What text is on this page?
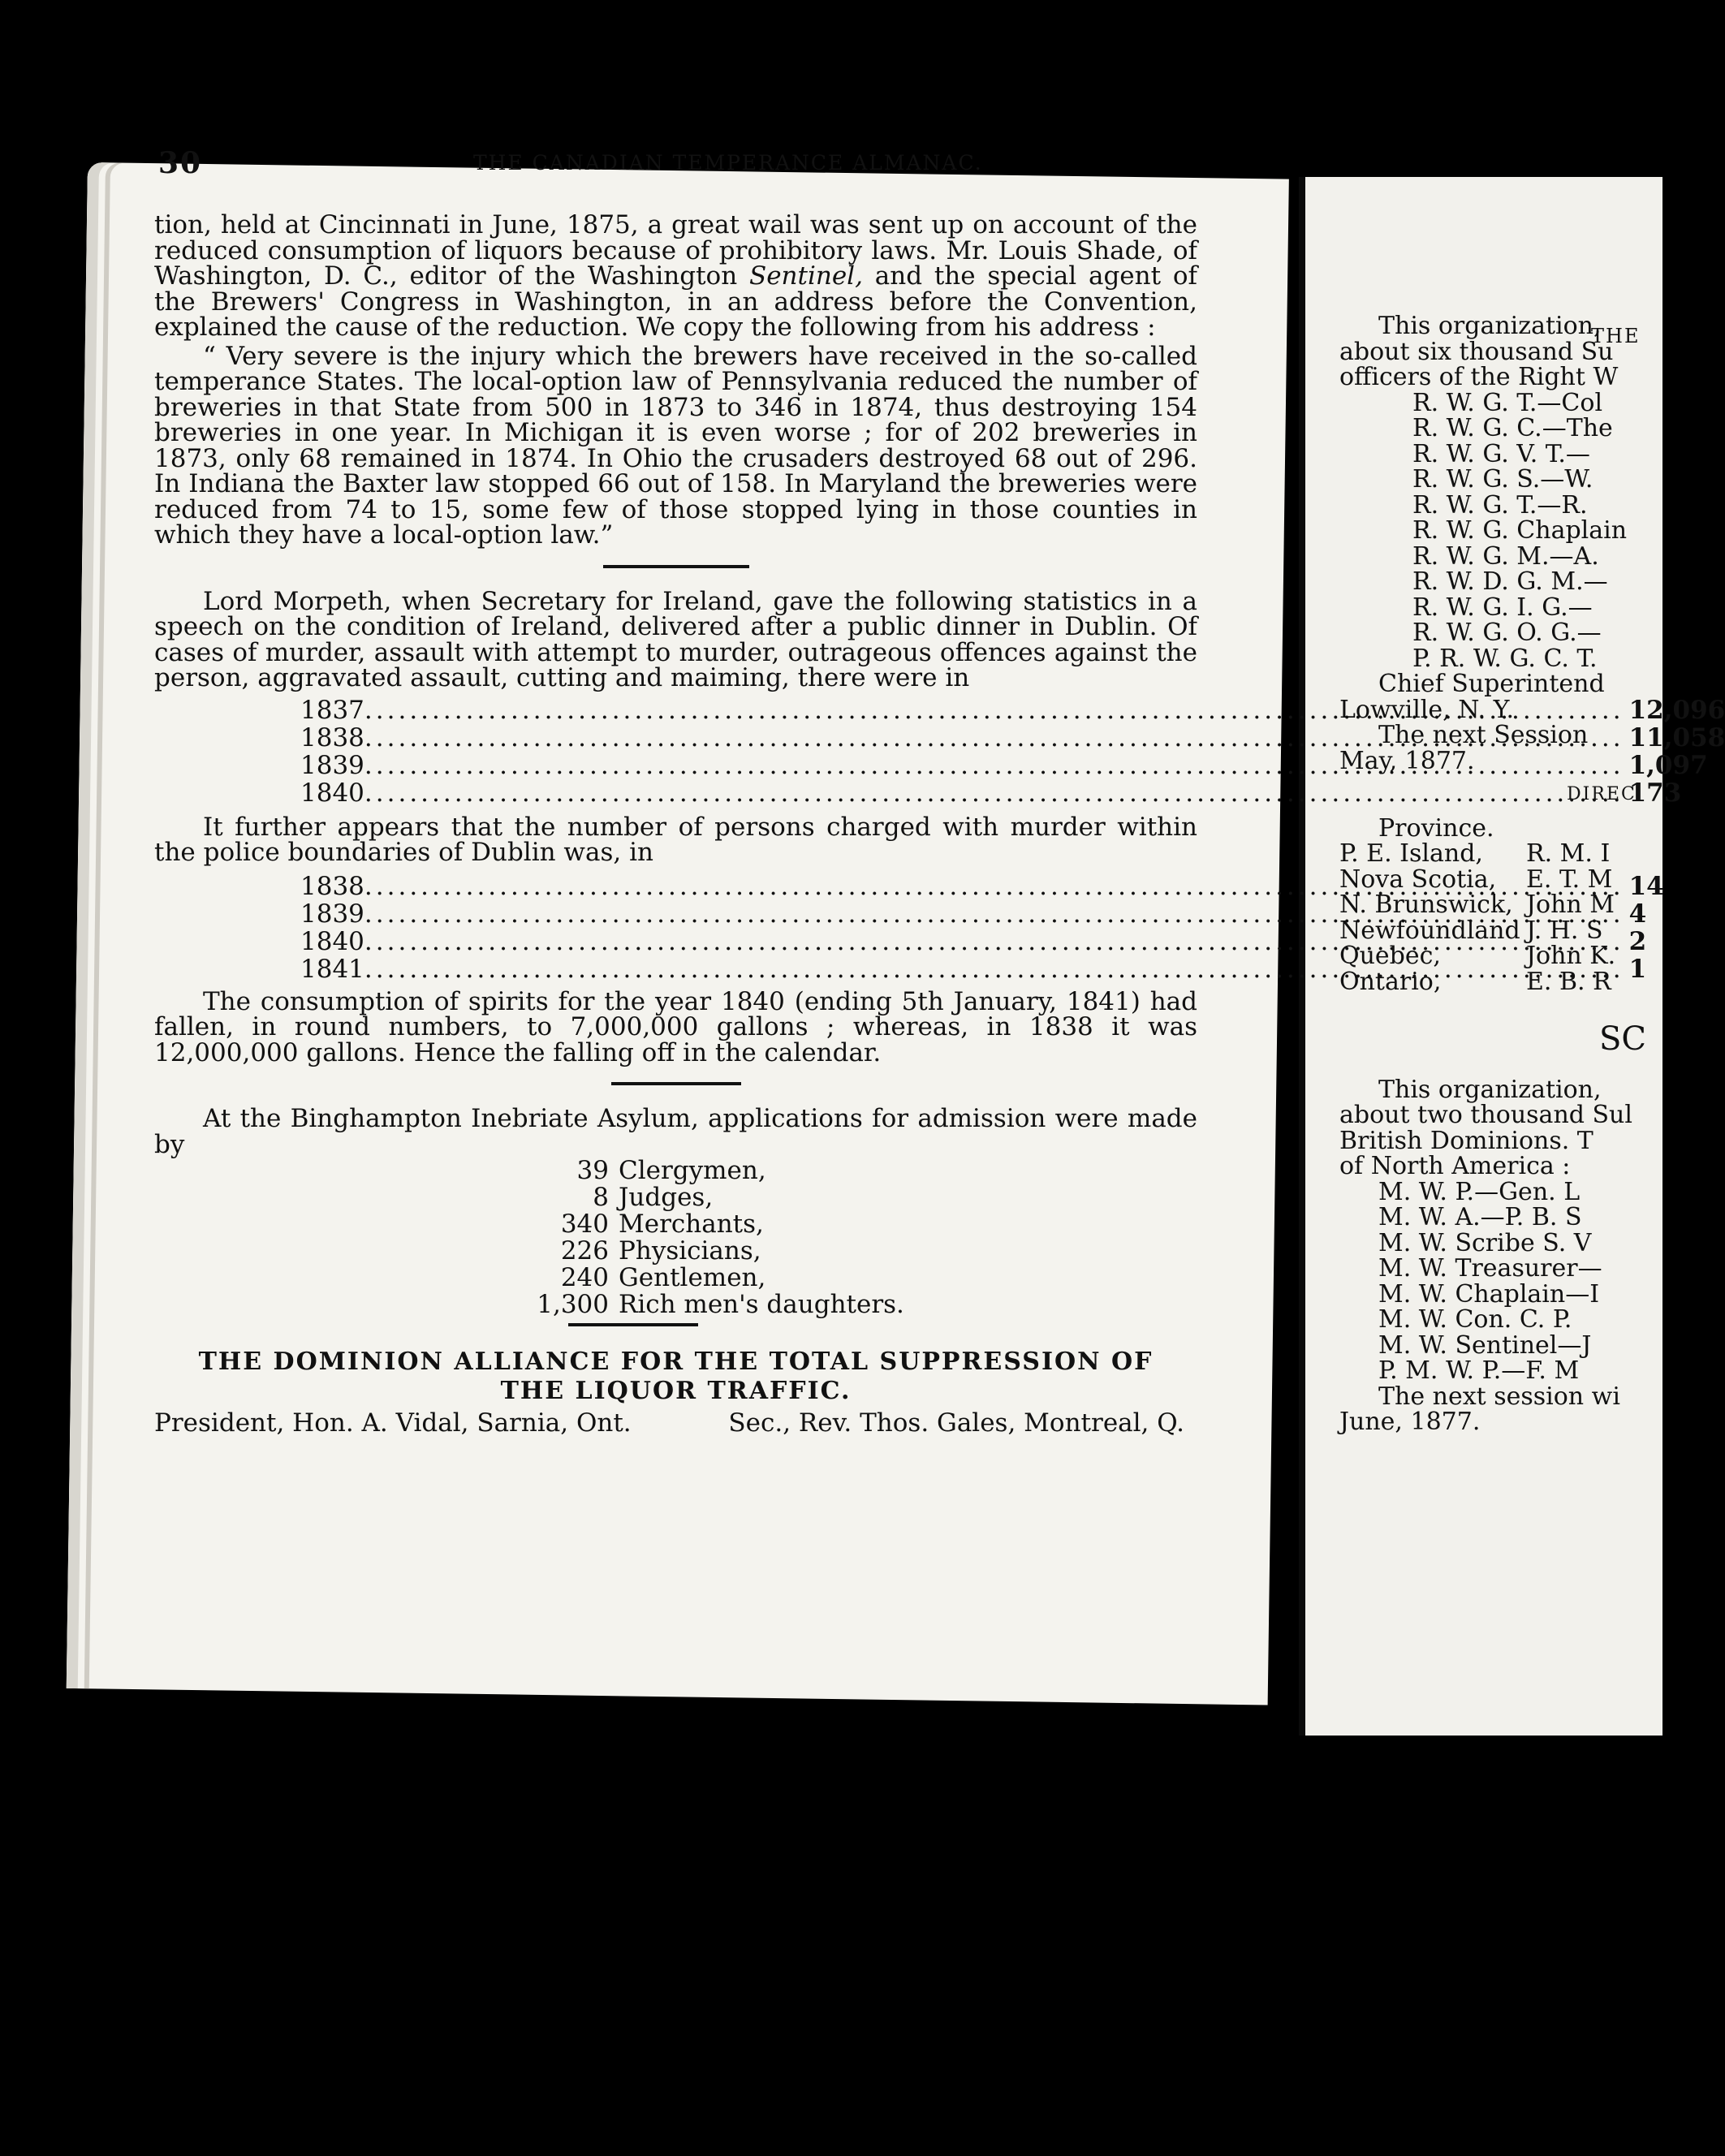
30	THE CANADIAN TEMPERANCE ALMANAC.

tion, held at Cincinnati in June, 1875, a great wail was sent up on account of the reduced consumption of liquors because of prohibitory laws. Mr. Louis Shade, of Washington, D. C., editor of the Washington Sentinel, and the special agent of the Brewers' Congress in Washington, in an address before the Convention, explained the cause of the reduction. We copy the following from his address :

“ Very severe is the injury which the brewers have received in the so-called temperance States. The local-option law of Pennsylvania reduced the number of breweries in that State from 500 in 1873 to 346 in 1874, thus destroying 154 breweries in one year. In Michigan it is even worse ; for of 202 breweries in 1873, only 68 remained in 1874. In Ohio the crusaders destroyed 68 out of 296. In Indiana the Baxter law stopped 66 out of 158. In Maryland the breweries were reduced from 74 to 15, some few of those stopped lying in those counties in which they have a local-option law.”

Lord Morpeth, when Secretary for Ireland, gave the following statistics in a speech on the condition of Ireland, delivered after a public dinner in Dublin. Of cases of murder, assault with attempt to murder, outrageous offences against the person, aggravated assault, cutting and maiming, there were in

1837 .....	12,096
1838 .....	11,058
1839 .....	1,097
1840 .....	173

It further appears that the number of persons charged with murder within the police boundaries of Dublin was, in

1838 .....	14
1839 .....	4
1840 .....	2
1841 .....	1

The consumption of spirits for the year 1840 (ending 5th January, 1841) had fallen, in round numbers, to 7,000,000 gallons ; whereas, in 1838 it was 12,000,000 gallons. Hence the falling off in the calendar.

At the Binghampton Inebriate Asylum, applications for admission were made by

39 Clergymen,
8 Judges,
340 Merchants,
226 Physicians,
240 Gentlemen,
1,300 Rich men's daughters.
THE DOMINION ALLIANCE FOR THE TOTAL SUPPRESSION OF
THE LIQUOR TRAFFIC.
President, Hon. A. Vidal, Sarnia, Ont.	Sec., Rev. Thos. Gales, Montreal, Q.
THE
This organization,
about six thousand Su
officers of the Right W
R. W. G. T.—Col
R. W. G. C.—The
R. W. G. V. T.—
R. W. G. S.—W.
R. W. G. T.—R.
R. W. G. Chaplain
R. W. G. M.—A.
R. W. D. G. M.—
R. W. G. I. G.—
R. W. G. O. G.—
P. R. W. G. C. T.
Chief Superintend
Lowville, N. Y.
The next Session
May, 1877.
DIREC
Province.
P. E. Island,	R. M. I
Nova Scotia,	E. T. M
N. Brunswick, John M
Newfoundland J. H. S
Quebec,	John K.
Ontario,	E. B. R
SC
This organization,
about two thousand Sul
British Dominions. T
of North America :
M. W. P.—Gen. L
M. W. A.—P. B. S
M. W. Scribe S. V
M. W. Treasurer—
M. W. Chaplain—I
M. W. Con. C. P.
M. W. Sentinel—J
P. M. W. P.—F. M
The next session wi
June, 1877.
